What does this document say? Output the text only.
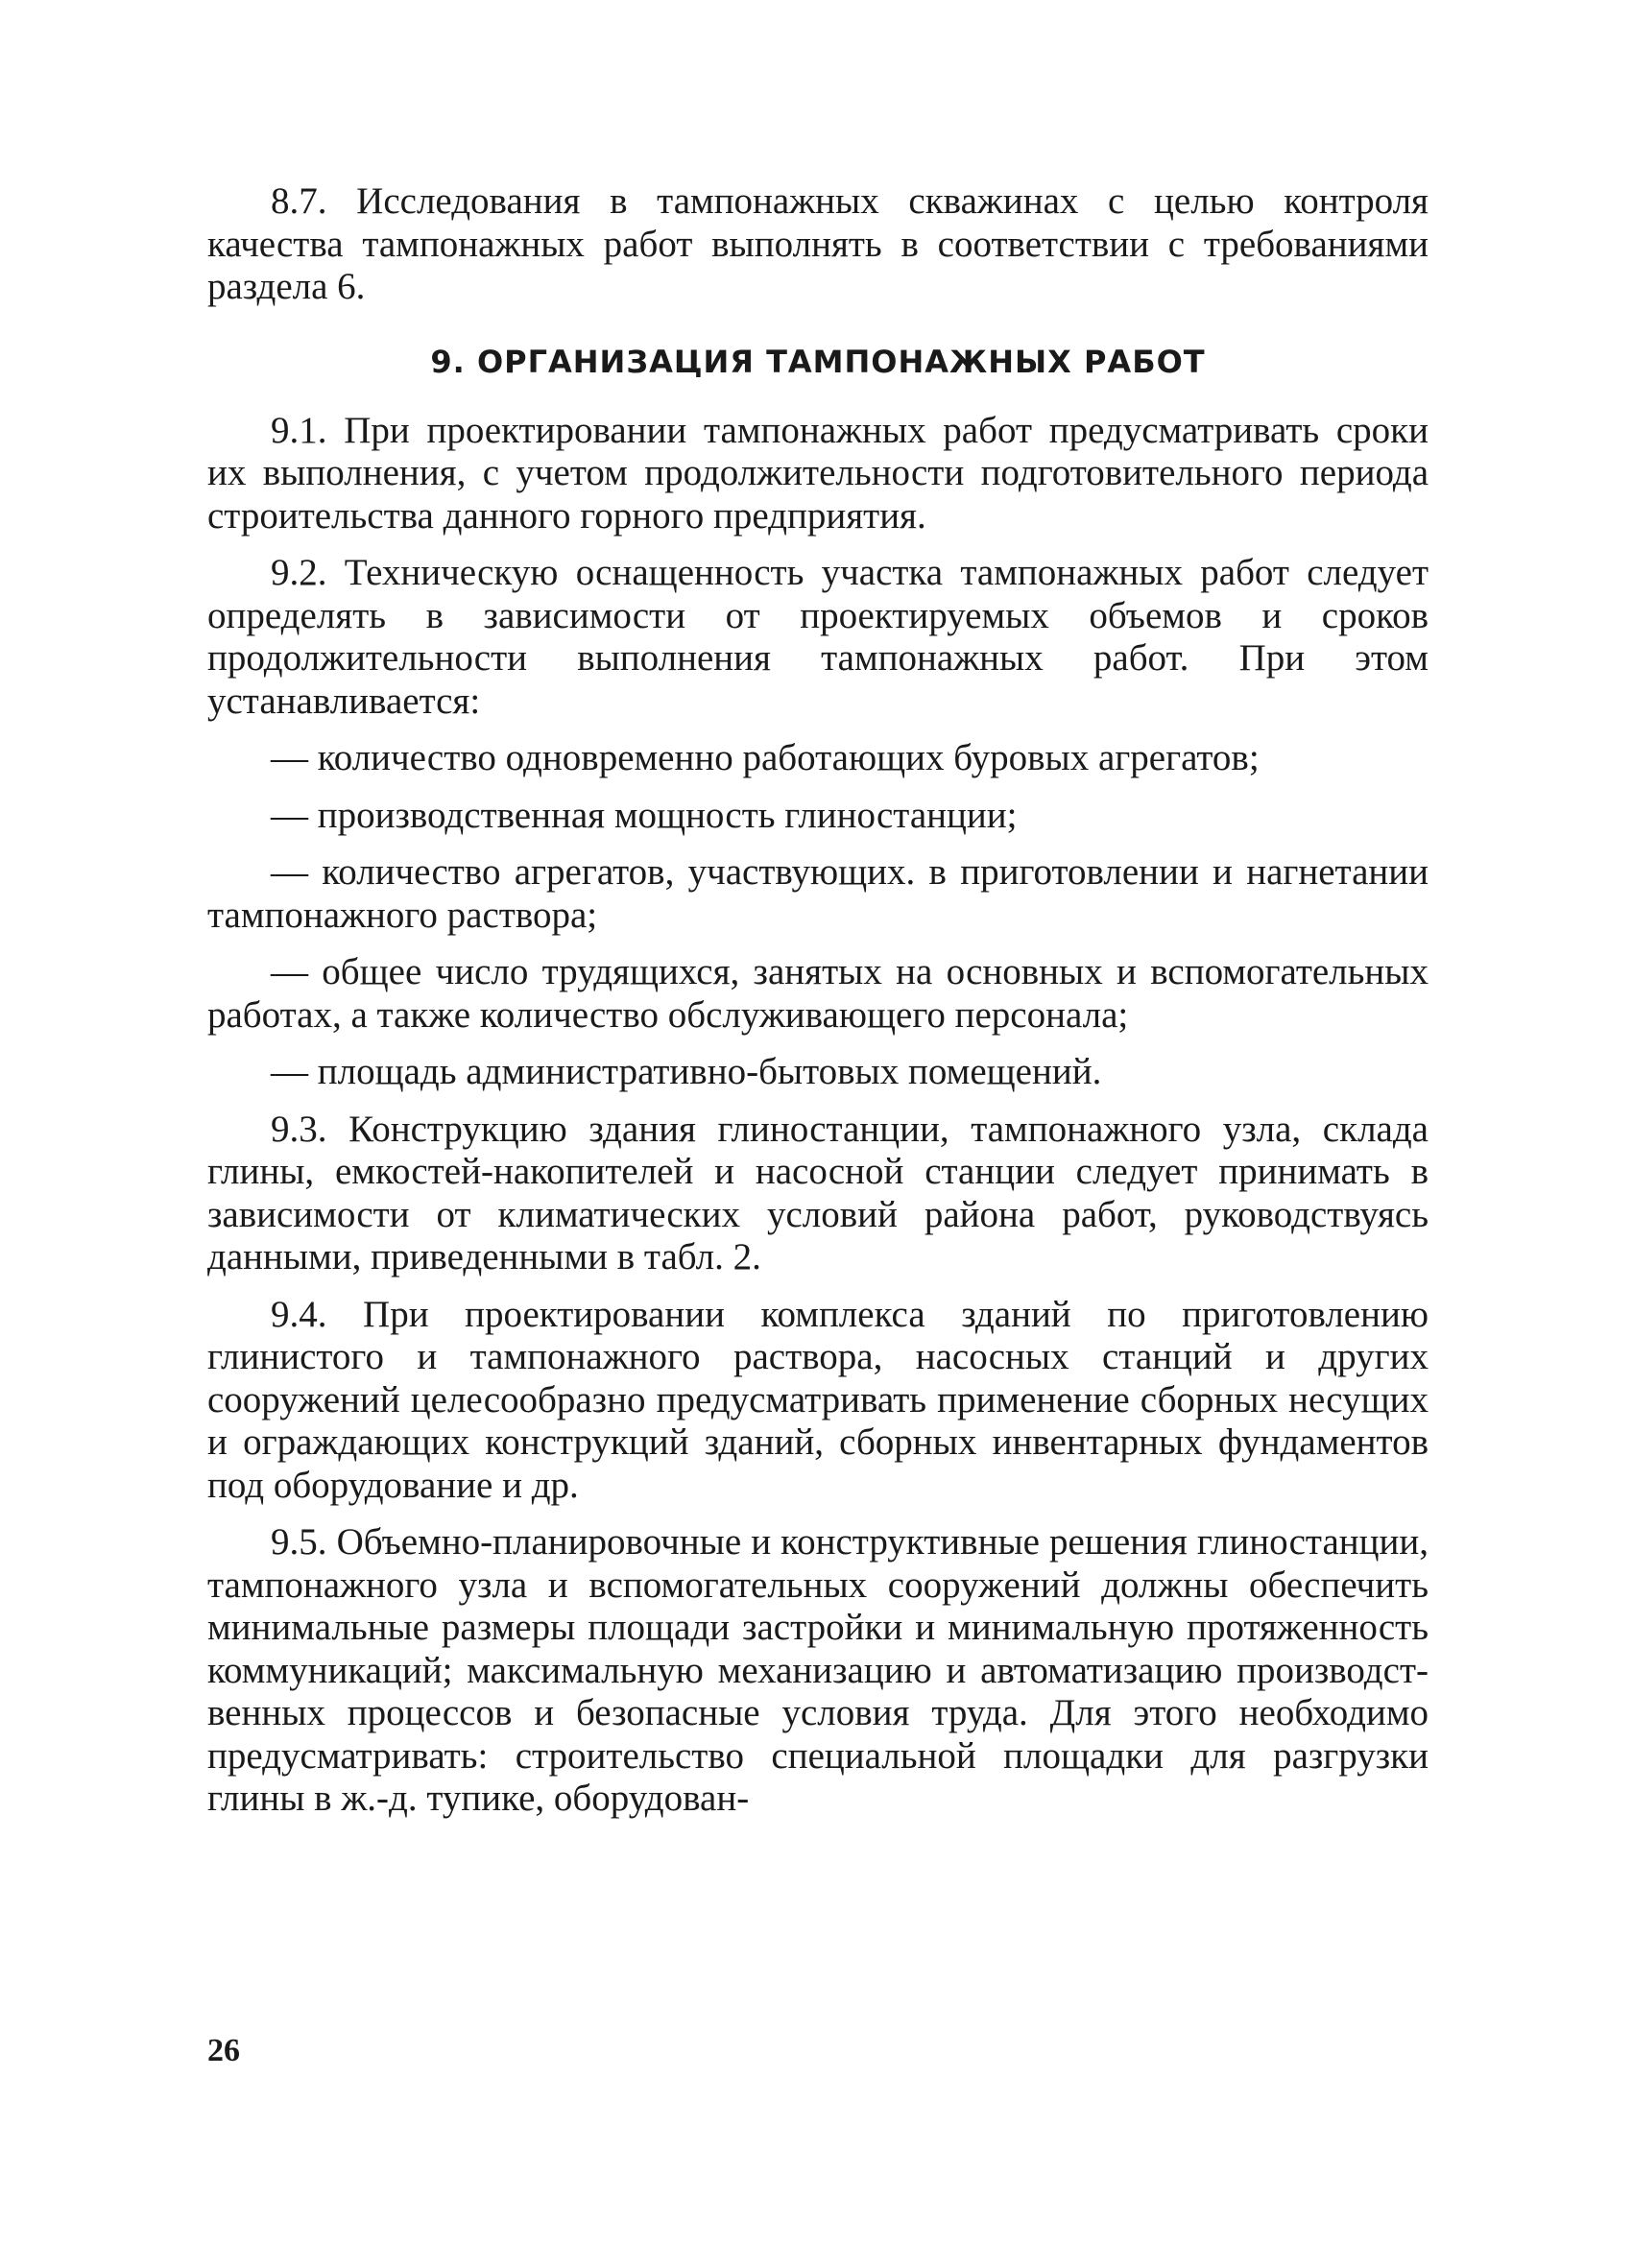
8.7. Исследования в тампонажных скважинах с целью контроля качества тампонажных работ выполнять в соответствии с требованиями раздела 6.

9. ОРГАНИЗАЦИЯ ТАМПОНАЖНЫХ РАБОТ

9.1. При проектировании тампонажных работ предусматривать сроки их выполнения, с учетом продолжительности подготовительного периода строительства данного горного предприятия.

9.2. Техническую оснащенность участка тампонажных работ следует определять в зависимости от проектируемых объемов и сроков продолжительности выполнения тампонажных работ. При этом устанавливается:

— количество одновременно работающих буровых агрегатов;

— производственная мощность глиностанции;

— количество агрегатов, участвующих. в приготовлении и нагнетании тампонажного раствора;

— общее число трудящихся, занятых на основных и вспомогательных работах, а также количество обслуживающего персонала;

— площадь административно-бытовых помещений.

9.3. Конструкцию здания глиностанции, тампонажного узла, склада глины, емкостей-накопителей и насосной станции следует принимать в зависимости от климатических условий района работ, руководствуясь данными, приведенными в табл. 2.

9.4. При проектировании комплекса зданий по приготовлению глинистого и тампонажного раствора, насосных станций и других сооружений целесообразно предусматривать применение сборных несущих и ограждающих конструкций зданий, сборных инвентарных фундаментов под оборудование и др.

9.5. Объемно-планировочные и конструктивные решения глиностанции, тампонажного узла и вспомогательных сооружений должны обеспечить минимальные размеры площади застройки и минимальную протяженность коммуникаций; максимальную механизацию и автоматизацию производственных процессов и безопасные условия труда. Для этого необходимо предусматривать: строительство специальной площадки для разгрузки глины в ж.-д. тупике, оборудован-

26
